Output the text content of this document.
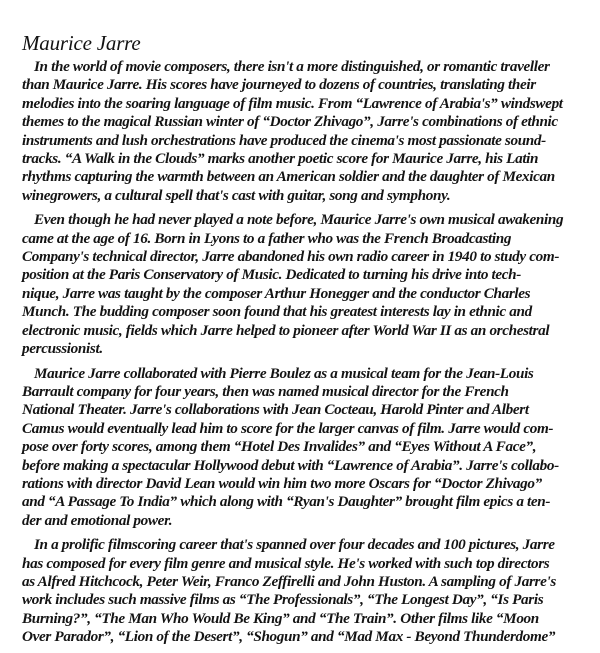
Maurice Jarre

In the world of movie composers, there isn't a more distinguished, or romantic traveller
than Maurice Jarre. His scores have journeyed to dozens of countries, translating their
melodies into the soaring language of film music. From “Lawrence of Arabia's” windswept
themes to the magical Russian winter of “Doctor Zhivago”, Jarre's combinations of ethnic
instruments and lush orchestrations have produced the cinema's most passionate sound-
tracks. “A Walk in the Clouds” marks another poetic score for Maurice Jarre, his Latin
rhythms capturing the warmth between an American soldier and the daughter of Mexican
winegrowers, a cultural spell that's cast with guitar, song and symphony.

Even though he had never played a note before, Maurice Jarre's own musical awakening
came at the age of 16. Born in Lyons to a father who was the French Broadcasting
Company's technical director, Jarre abandoned his own radio career in 1940 to study com-
position at the Paris Conservatory of Music. Dedicated to turning his drive into tech-
nique, Jarre was taught by the composer Arthur Honegger and the conductor Charles
Munch. The budding composer soon found that his greatest interests lay in ethnic and
electronic music, fields which Jarre helped to pioneer after World War II as an orchestral
percussionist.

Maurice Jarre collaborated with Pierre Boulez as a musical team for the Jean-Louis
Barrault company for four years, then was named musical director for the French
National Theater. Jarre's collaborations with Jean Cocteau, Harold Pinter and Albert
Camus would eventually lead him to score for the larger canvas of film. Jarre would com-
pose over forty scores, among them “Hotel Des Invalides” and “Eyes Without A Face”,
before making a spectacular Hollywood debut with “Lawrence of Arabia”. Jarre's collabo-
rations with director David Lean would win him two more Oscars for “Doctor Zhivago”
and “A Passage To India” which along with “Ryan's Daughter” brought film epics a ten-
der and emotional power.

In a prolific filmscoring career that's spanned over four decades and 100 pictures, Jarre
has composed for every film genre and musical style. He's worked with such top directors
as Alfred Hitchcock, Peter Weir, Franco Zeffirelli and John Huston. A sampling of Jarre's
work includes such massive films as “The Professionals”, “The Longest Day”, “Is Paris
Burning?”, “The Man Who Would Be King” and “The Train”. Other films like “Moon
Over Parador”, “Lion of the Desert”, “Shogun” and “Mad Max - Beyond Thunderdome”
